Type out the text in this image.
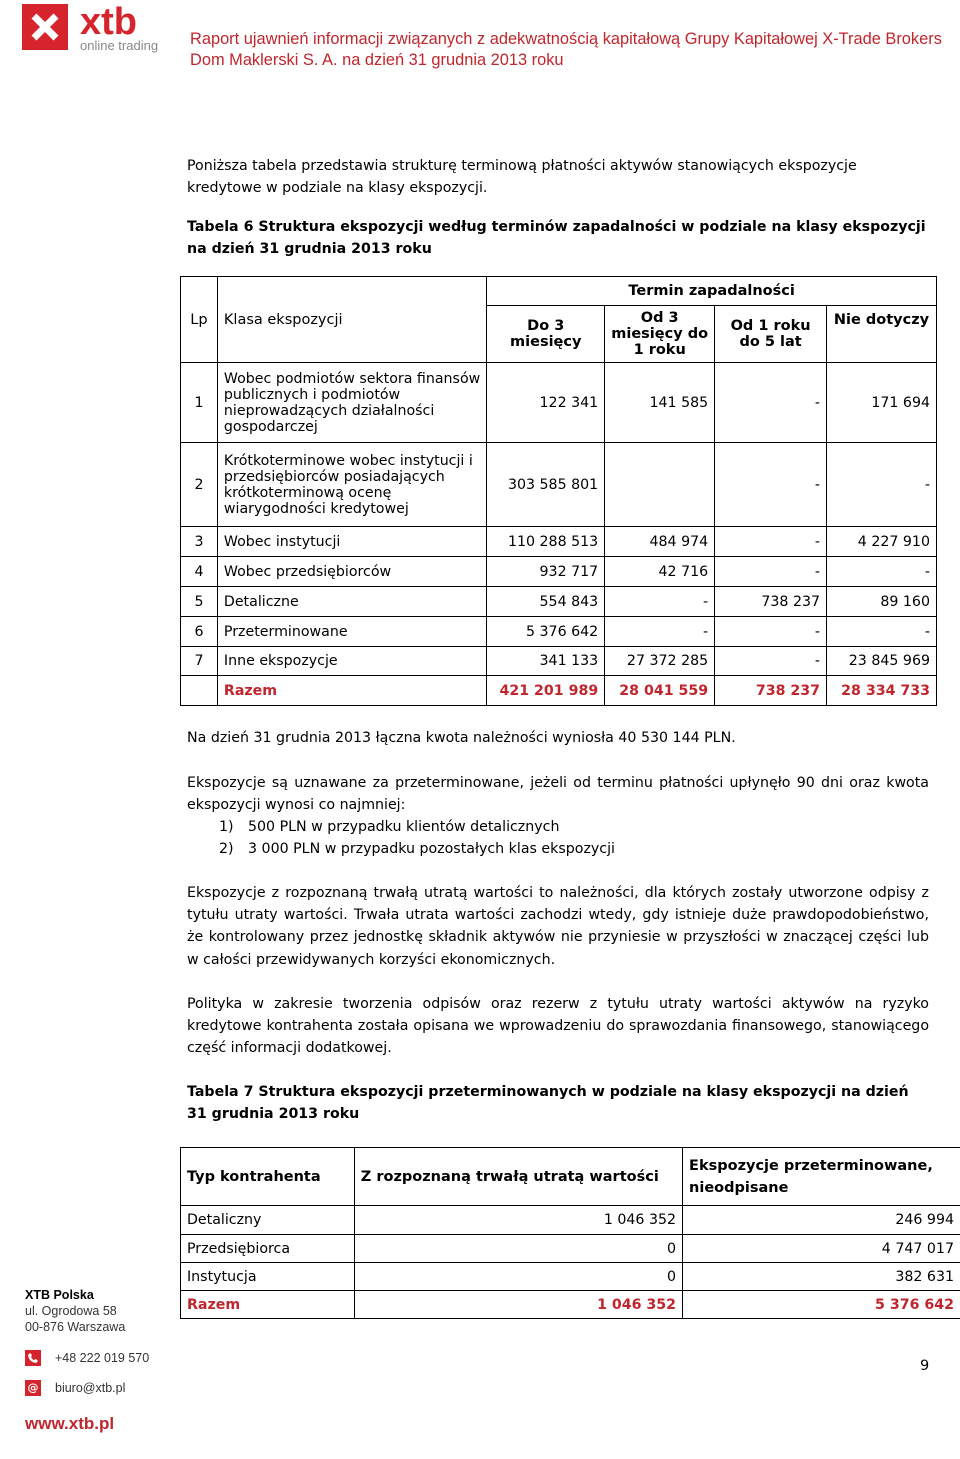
xtb
online trading Raport ujawnień informacji związanych z adekwatnością kapitałową Grupy Kapitałowej X-Trade Brokers
Dom Maklerski S. A. na dzień 31 grudnia 2013 roku
Poniższa tabela przedstawia strukturę terminową płatności aktywów stanowiących ekspozycje kredytowe w podziale na klasy ekspozycji.
Tabela 6 Struktura ekspozycji według terminów zapadalności w podziale na klasy ekspozycji na dzień 31 grudnia 2013 roku
Lp	Klasa ekspozycji	Termin zapadalności			

		Do 3 miesięcy	Od 3 miesięcy do 1 roku	Od 1 roku do 5 lat	Nie dotyczy
1	Wobec podmiotów sektora finansów publicznych i podmiotów nieprowadzących działalności gospodarczej	122 341	141 585	-	171 694
2	Krótkoterminowe wobec instytucji i przedsiębiorców posiadających krótkoterminową ocenę wiarygodności kredytowej	303 585 801		-	-
3	Wobec instytucji	110 288 513	484 974	-	4 227 910
4	Wobec przedsiębiorców	932 717	42 716	-	-
5	Detaliczne	554 843	-	738 237	89 160
6	Przeterminowane	5 376 642	-	-	-
7	Inne ekspozycje	341 133	27 372 285	-	23 845 969
	Razem	421 201 989	28 041 559	738 237	28 334 733
Na dzień 31 grudnia 2013 łączna kwota należności wyniosła 40 530 144 PLN.
Ekspozycje są uznawane za przeterminowane, jeżeli od terminu płatności upłynęło 90 dni oraz kwota ekspozycji wynosi co najmniej:
1) 500 PLN w przypadku klientów detalicznych
2) 3 000 PLN w przypadku pozostałych klas ekspozycji
Ekspozycje z rozpoznaną trwałą utratą wartości to należności, dla których zostały utworzone odpisy z tytułu utraty wartości. Trwała utrata wartości zachodzi wtedy, gdy istnieje duże prawdopodobieństwo, że kontrolowany przez jednostkę składnik aktywów nie przyniesie w przyszłości w znaczącej części lub w całości przewidywanych korzyści ekonomicznych.
Polityka w zakresie tworzenia odpisów oraz rezerw z tytułu utraty wartości aktywów na ryzyko kredytowe kontrahenta została opisana we wprowadzeniu do sprawozdania finansowego, stanowiącego część informacji dodatkowej.
Tabela 7 Struktura ekspozycji przeterminowanych w podziale na klasy ekspozycji na dzień 31 grudnia 2013 roku
Typ kontrahenta	Z rozpoznaną trwałą utratą wartości	Ekspozycje przeterminowane, nieodpisane

Detaliczny	1 046 352	246 994
Przedsiębiorca	0	4 747 017
Instytucja	0	382 631
Razem	1 046 352	5 376 642
XTB Polska
ul. Ogrodowa 58
00-876 Warszawa
+48 222 019 570
@ biuro@xtb.pl
www.xtb.pl
9
